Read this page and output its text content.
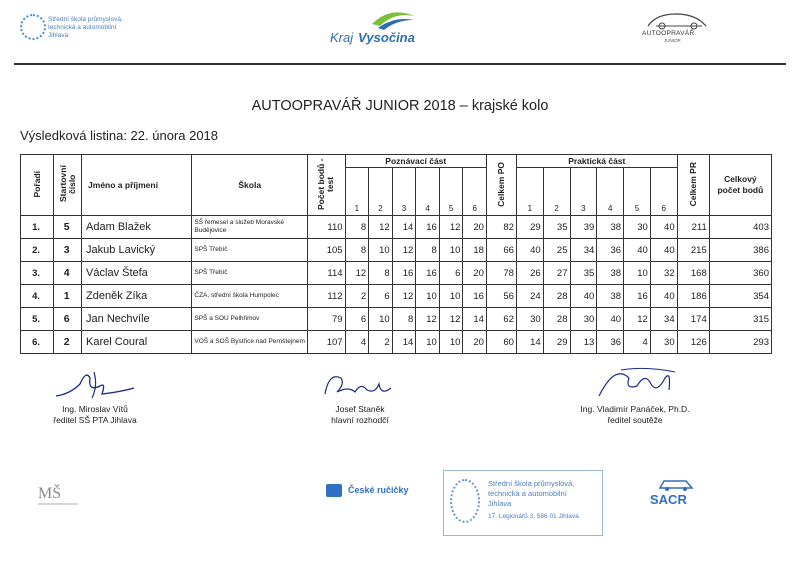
Střední škola průmyslová,
technická a automobilní
Jihlava	Kraj Vysočina	AUTOOPRAVÁŘ
JUNIOR
AUTOOPRAVÁŘ JUNIOR 2018 – krajské kolo
Výsledková listina: 22. února 2018
Pořadí	Startovní číslo	Jméno a příjmení	Škola	Počet bodů - test	Poznávací část						Celkem PO	Praktická část						Celkem PR	Celkový počet bodů
					1	2	3	4	5	6		1	2	3	4	5	6		
1.	5	Adam Blažek	SŠ řemesel a služeb Moravské Budějovice	110	8	12	14	16	12	20	82	29	35	39	38	30	40	211	403
2.	3	Jakub Lavický	SPŠ Třebíč	105	8	10	12	8	10	18	66	40	25	34	36	40	40	215	386
3.	4	Václav Štefa	SPŠ Třebíč	114	12	8	16	16	6	20	78	26	27	35	38	10	32	168	360
4.	1	Zdeněk Zíka	ČZA, střední škola Humpolec	112	2	6	12	10	10	16	56	24	28	40	38	16	40	186	354
5.	6	Jan Nechvíle	SPŠ a SOU Pelhřimov	79	6	10	8	12	12	14	62	30	28	30	40	12	34	174	315
6.	2	Karel Coural	VOŠ a SOŠ Bystřice nad Pernštejnem	107	4	2	14	10	10	20	60	14	29	13	36	4	30	126	293
Ing. Miroslav Vítů
ředitel SŠ PTA Jihlava
Josef Staněk
hlavní rozhodčí
Ing. Vladimír Panáček, Ph.D.
ředitel soutěže
MŠ	České ručičky
Střední škola průmyslová,
technická a automobilní
Jihlava
17. Legionářů 3, 586 01 Jihlava
SACR
